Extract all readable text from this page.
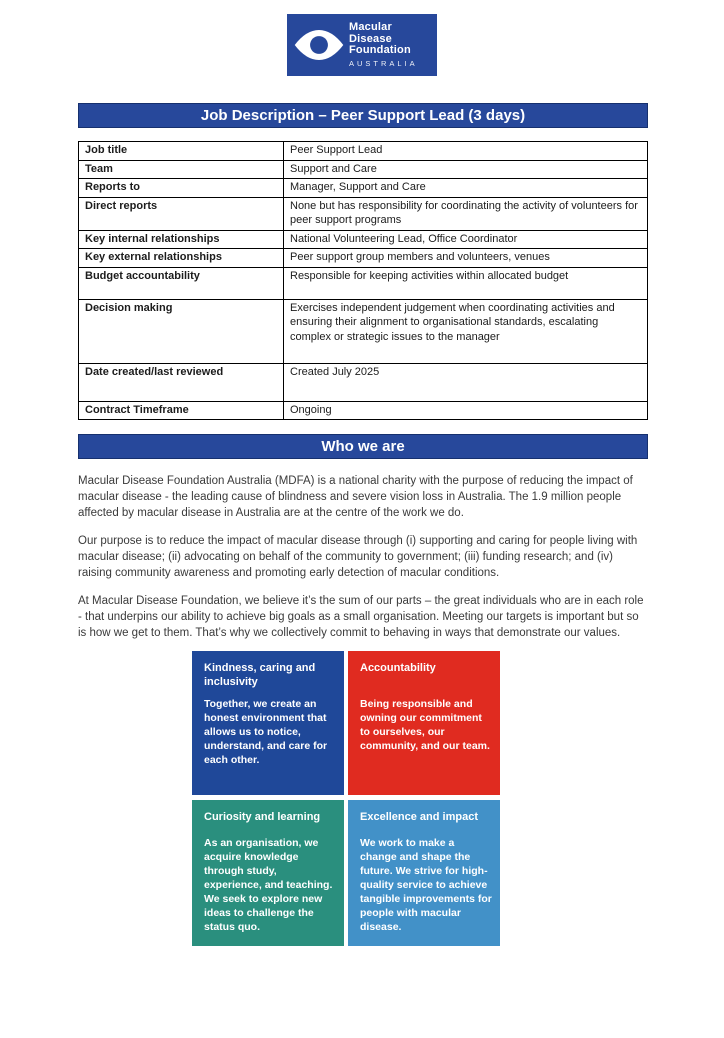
Macular
Disease
Foundation
AUSTRALIA
Job Description – Peer Support Lead (3 days)
Job title	Peer Support Lead
Team	Support and Care
Reports to	Manager, Support and Care
Direct reports	None but has responsibility for coordinating the activity of volunteers for peer support programs
Key internal relationships	National Volunteering Lead, Office Coordinator
Key external relationships	Peer support group members and volunteers, venues
Budget accountability	Responsible for keeping activities within allocated budget
Decision making	Exercises independent judgement when coordinating activities and ensuring their alignment to organisational standards, escalating complex or strategic issues to the manager
Date created/last reviewed	Created July 2025
Contract Timeframe	Ongoing
Who we are

Macular Disease Foundation Australia (MDFA) is a national charity with the purpose of reducing the impact of macular disease - the leading cause of blindness and severe vision loss in Australia. The 1.9 million people affected by macular disease in Australia are at the centre of the work we do.

Our purpose is to reduce the impact of macular disease through (i) supporting and caring for people living with macular disease; (ii) advocating on behalf of the community to government; (iii) funding research; and (iv) raising community awareness and promoting early detection of macular conditions.

At Macular Disease Foundation, we believe it’s the sum of our parts – the great individuals who are in each role - that underpins our ability to achieve big goals as a small organisation. Meeting our targets is important but so is how we get to them. That’s why we collectively commit to behaving in ways that demonstrate our values.

Kindness, caring and inclusivity
Together, we create an honest environment that allows us to notice, understand, and care for each other.
Accountability
Being responsible and owning our commitment to ourselves, our community, and our team.
Curiosity and learning
As an organisation, we acquire knowledge through study, experience, and teaching. We seek to explore new ideas to challenge the status quo.
Excellence and impact
We work to make a change and shape the future. We strive for high-quality service to achieve tangible improvements for people with macular disease.
